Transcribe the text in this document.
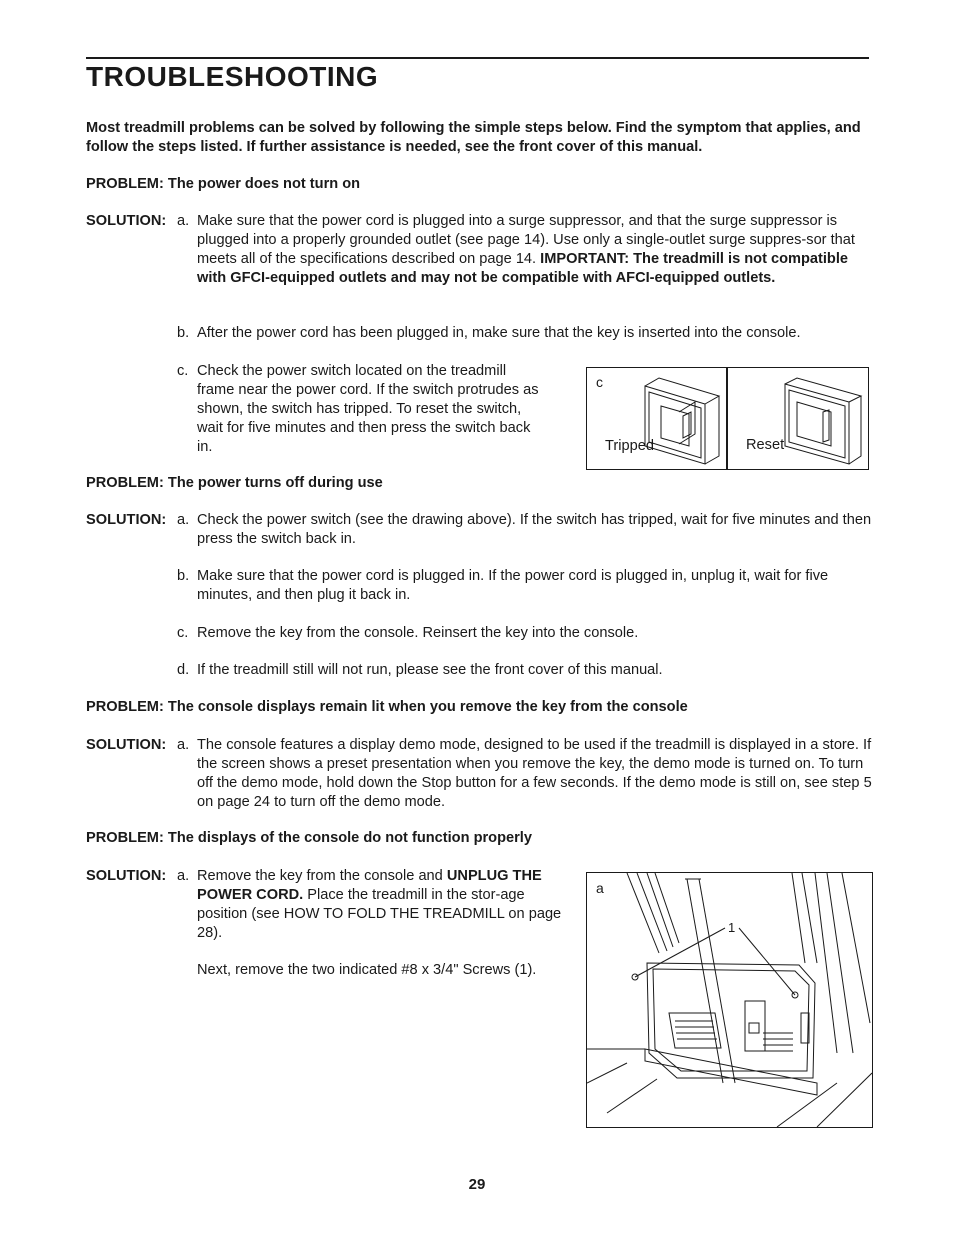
TROUBLESHOOTING

Most treadmill problems can be solved by following the simple steps below. Find the symptom that applies, and follow the steps listed. If further assistance is needed, see the front cover of this manual.

PROBLEM: The power does not turn on
SOLUTION: a. Make sure that the power cord is plugged into a surge suppressor, and that the surge suppressor is plugged into a properly grounded outlet (see page 14). Use only a single-outlet surge suppres-sor that meets all of the specifications described on page 14. IMPORTANT: The treadmill is not compatible with GFCI-equipped outlets and may not be compatible with AFCI-equipped outlets.
b. After the power cord has been plugged in, make sure that the key is inserted into the console.
c. Check the power switch located on the treadmill frame near the power cord. If the switch protrudes as shown, the switch has tripped. To reset the switch, wait for five minutes and then press the switch back in.
c
Tripped	Reset
PROBLEM: The power turns off during use
SOLUTION: a. Check the power switch (see the drawing above). If the switch has tripped, wait for five minutes and then press the switch back in.
b. Make sure that the power cord is plugged in. If the power cord is plugged in, unplug it, wait for five minutes, and then plug it back in.
c. Remove the key from the console. Reinsert the key into the console.
d. If the treadmill still will not run, please see the front cover of this manual.
PROBLEM: The console displays remain lit when you remove the key from the console
SOLUTION: a. The console features a display demo mode, designed to be used if the treadmill is displayed in a store. If the screen shows a preset presentation when you remove the key, the demo mode is turned on. To turn off the demo mode, hold down the Stop button for a few seconds. If the demo mode is still on, see step 5 on page 24 to turn off the demo mode.
PROBLEM: The displays of the console do not function properly
SOLUTION: a. Remove the key from the console and UNPLUG THE POWER CORD. Place the treadmill in the stor-age position (see HOW TO FOLD THE TREADMILL on page 28).
Next, remove the two indicated #8 x 3/4" Screws (1).
a
1
29
